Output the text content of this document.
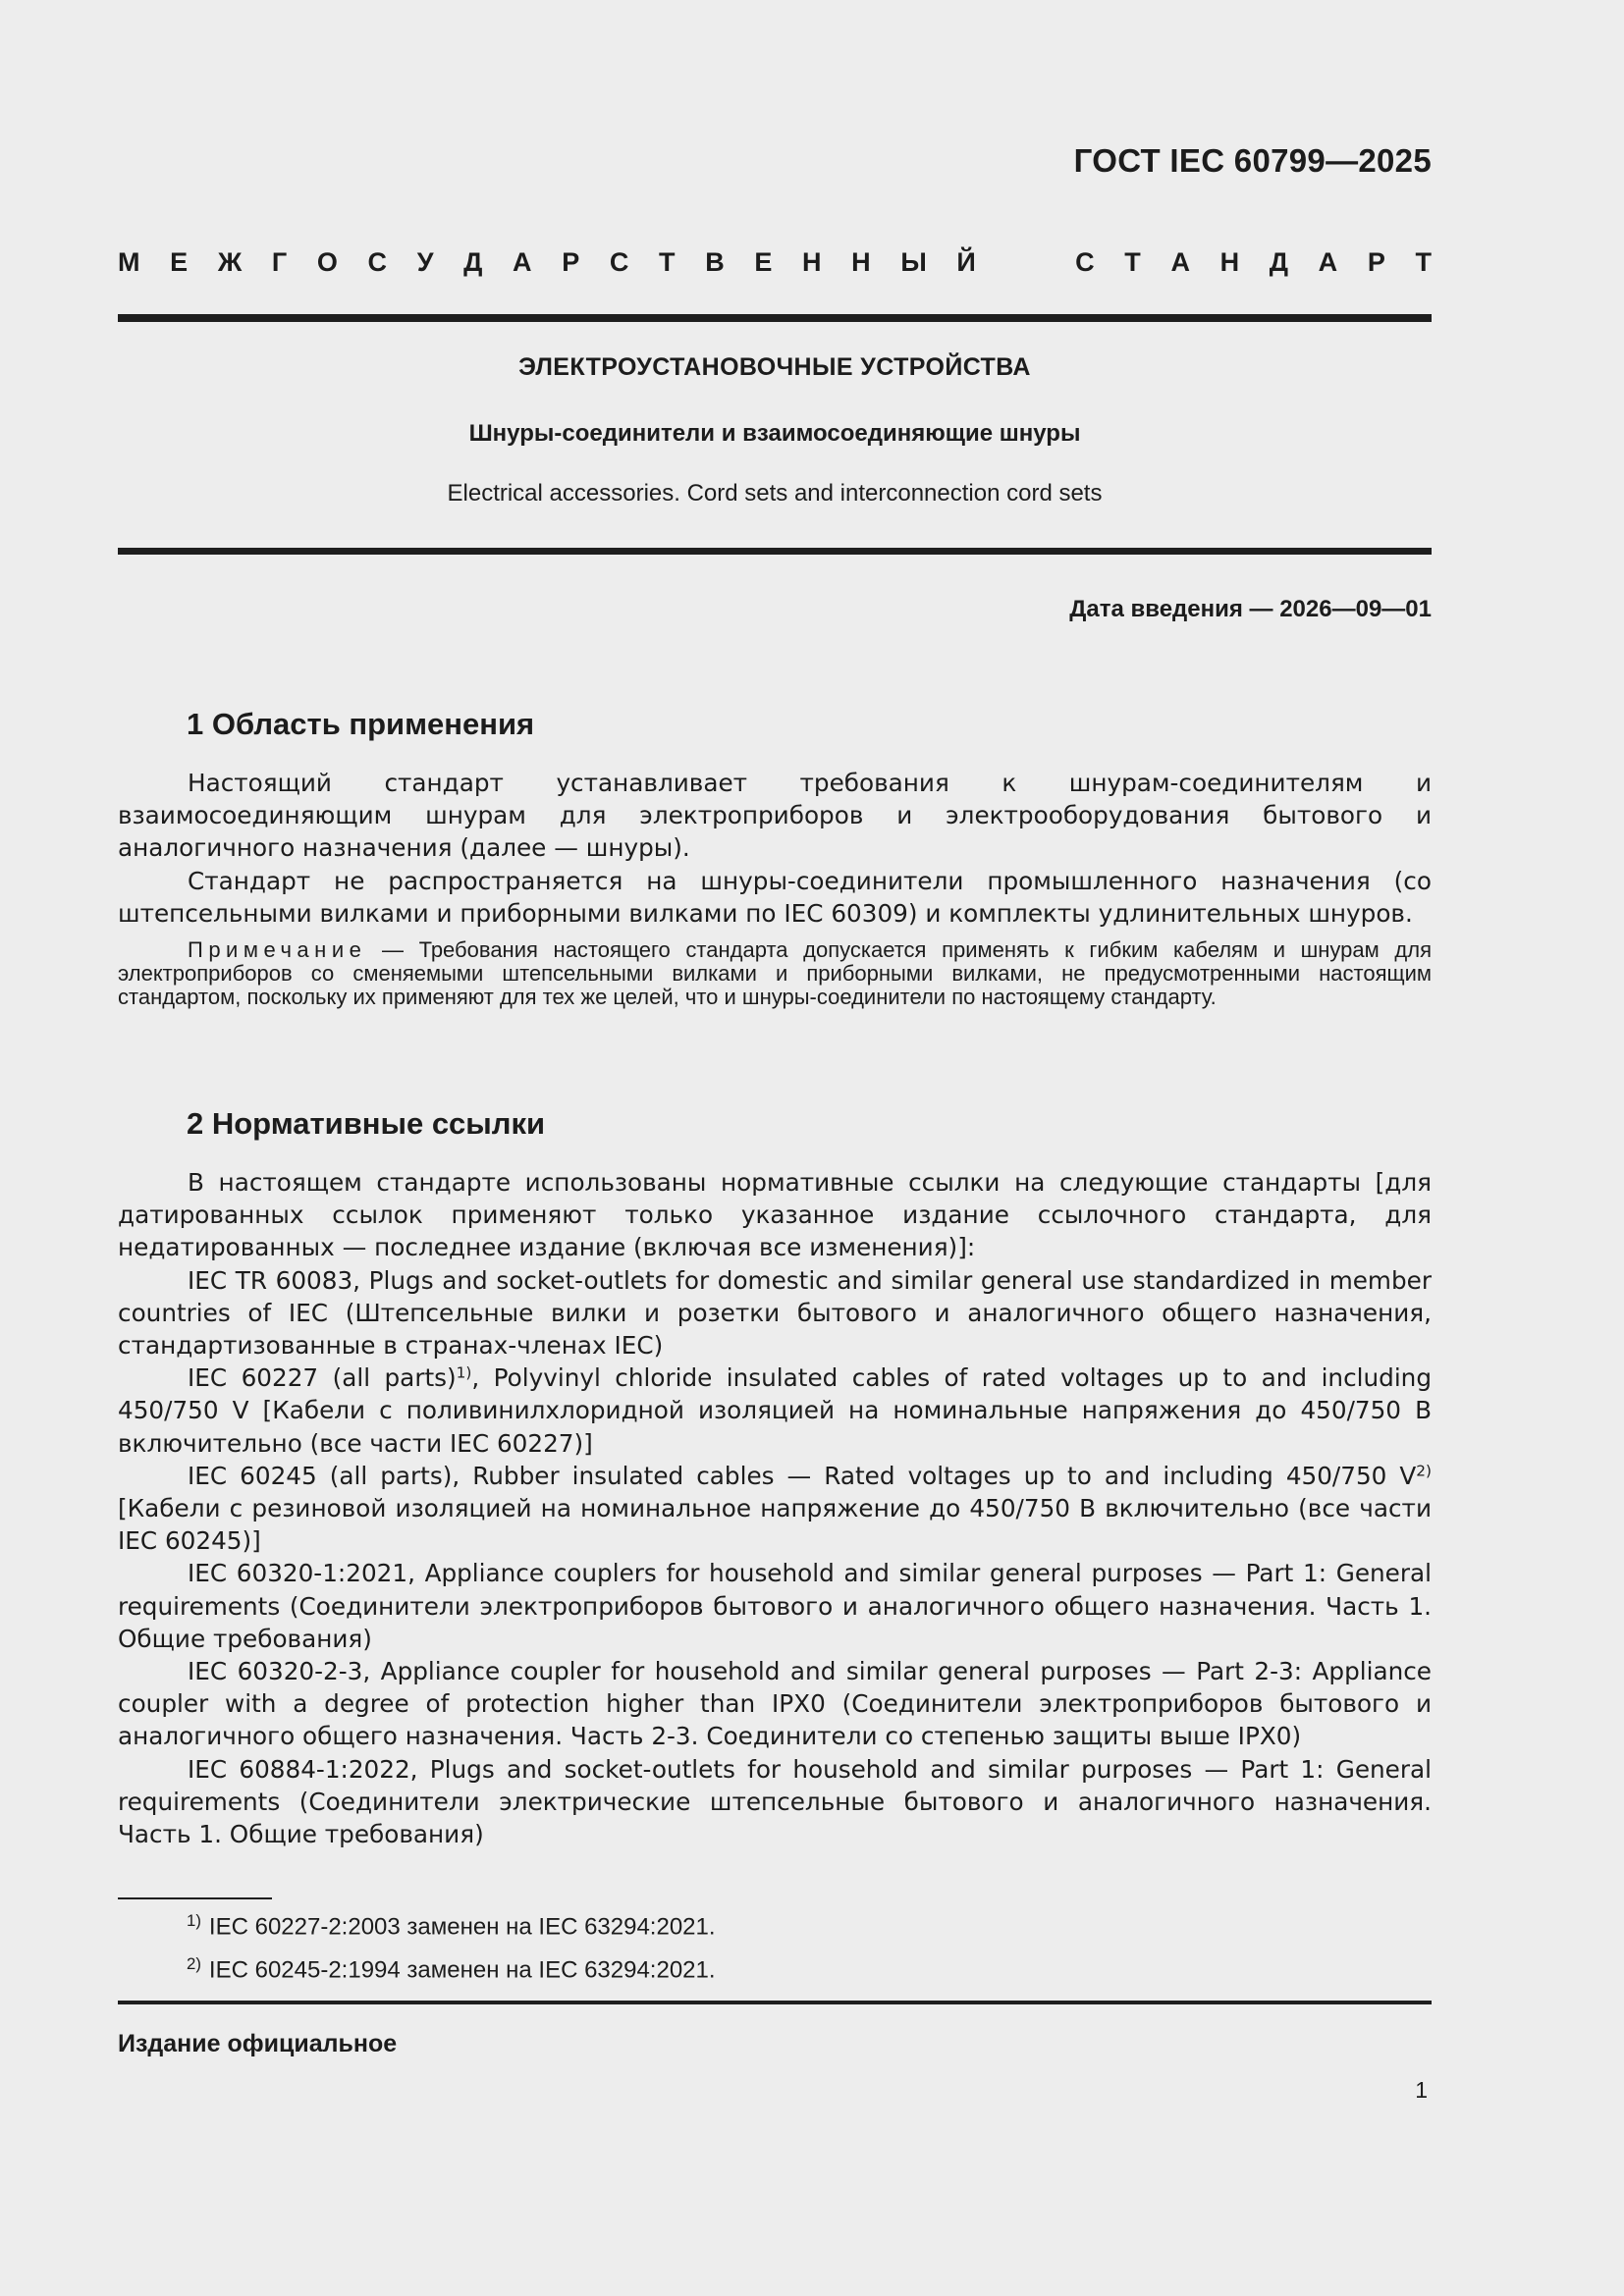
ГОСТ IEC 60799—2025
М Е Ж Г О С У Д А Р С Т В Е Н Н Ы Й	С Т А Н Д А Р Т
ЭЛЕКТРОУСТАНОВОЧНЫЕ УСТРОЙСТВА
Шнуры-соединители и взаимосоединяющие шнуры
Electrical accessories. Cord sets and interconnection cord sets
Дата введения — 2026—09—01
1 Область применения

Настоящий стандарт устанавливает требования к шнурам-соединителям и взаимосоединяющим шнурам для электроприборов и электрооборудования бытового и аналогичного назначения (далее — шнуры).

Стандарт не распространяется на шнуры-соединители промышленного назначения (со штепсельными вилками и приборными вилками по IEC 60309) и комплекты удлинительных шнуров.

Примечание — Требования настоящего стандарта допускается применять к гибким кабелям и шнурам для электроприборов со сменяемыми штепсельными вилками и приборными вилками, не предусмотренными настоящим стандартом, поскольку их применяют для тех же целей, что и шнуры-соединители по настоящему стандарту.

2 Нормативные ссылки

В настоящем стандарте использованы нормативные ссылки на следующие стандарты [для датированных ссылок применяют только указанное издание ссылочного стандарта, для недатированных — последнее издание (включая все изменения)]:

IEC TR 60083, Plugs and socket-outlets for domestic and similar general use standardized in member countries of IEC (Штепсельные вилки и розетки бытового и аналогичного общего назначения, стандартизованные в странах-членах IEC)

IEC 60227 (all parts)$^{1)}$, Polyvinyl chloride insulated cables of rated voltages up to and including 450/750 V [Кабели с поливинилхлоридной изоляцией на номинальные напряжения до 450/750 В включительно (все части IEC 60227)]

IEC 60245 (all parts), Rubber insulated cables — Rated voltages up to and including 450/750 $V^{2)}$ [Кабели с резиновой изоляцией на номинальное напряжение до 450/750 В включительно (все части IEC 60245)]

IEC 60320-1:2021, Appliance couplers for household and similar general purposes — Part 1: General requirements (Соединители электроприборов бытового и аналогичного общего назначения. Часть 1. Общие требования)

IEC 60320-2-3, Appliance coupler for household and similar general purposes — Part 2-3: Appliance coupler with a degree of protection higher than IPX0 (Соединители электроприборов бытового и аналогичного общего назначения. Часть 2-3. Соединители со степенью защиты выше IPX0)

IEC 60884-1:2022, Plugs and socket-outlets for household and similar purposes — Part 1: General requirements (Соединители электрические штепсельные бытового и аналогичного назначения. Часть 1. Общие требования)

$^{1)}$ IEC 60227-2:2003 заменен на IEC 63294:2021.
$^{2)}$ IEC 60245-2:1994 заменен на IEC 63294:2021.
Издание официальное
1
